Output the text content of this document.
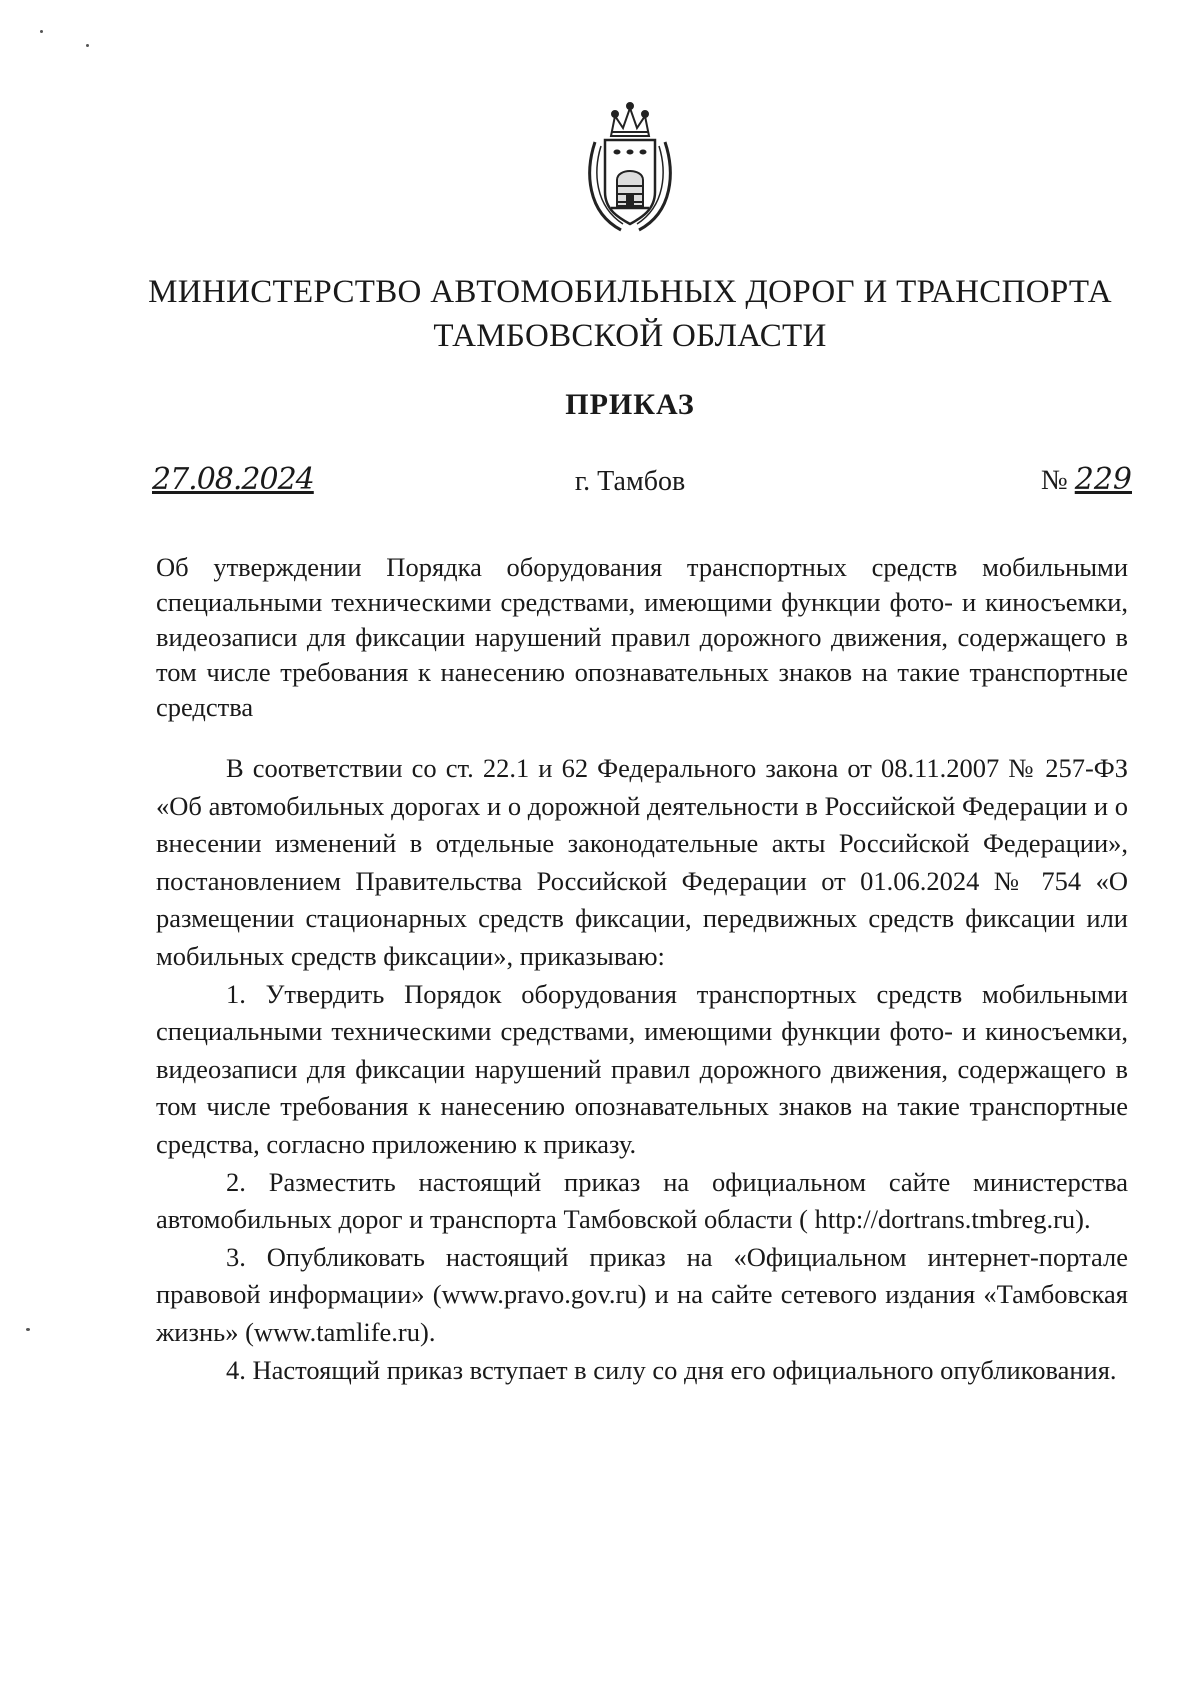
МИНИСТЕРСТВО АВТОМОБИЛЬНЫХ ДОРОГ И ТРАНСПОРТА
ТАМБОВСКОЙ ОБЛАСТИ
ПРИКАЗ
27.08.2024	г. Тамбов	№ 229
Об утверждении Порядка оборудования транспортных средств мобильными специальными техническими средствами, имеющими функции фото- и киносъемки, видеозаписи для фиксации нарушений правил дорожного движения, содержащего в том числе требования к нанесению опознавательных знаков на такие транспортные средства

В соответствии со ст. 22.1 и 62 Федерального закона от 08.11.2007 № 257-ФЗ «Об автомобильных дорогах и о дорожной деятельности в Российской Федерации и о внесении изменений в отдельные законодательные акты Российской Федерации», постановлением Правительства Российской Федерации от 01.06.2024 № 754 «О размещении стационарных средств фиксации, передвижных средств фиксации или мобильных средств фиксации», приказываю:

1. Утвердить Порядок оборудования транспортных средств мобильными специальными техническими средствами, имеющими функции фото- и киносъемки, видеозаписи для фиксации нарушений правил дорожного движения, содержащего в том числе требования к нанесению опознавательных знаков на такие транспортные средства, согласно приложению к приказу.

2. Разместить настоящий приказ на официальном сайте министерства автомобильных дорог и транспорта Тамбовской области ( http://dortrans.tmbreg.ru).

3. Опубликовать настоящий приказ на «Официальном интернет-портале правовой информации» (www.pravo.gov.ru) и на сайте сетевого издания «Тамбовская жизнь» (www.tamlife.ru).

4. Настоящий приказ вступает в силу со дня его официального опубликования.
